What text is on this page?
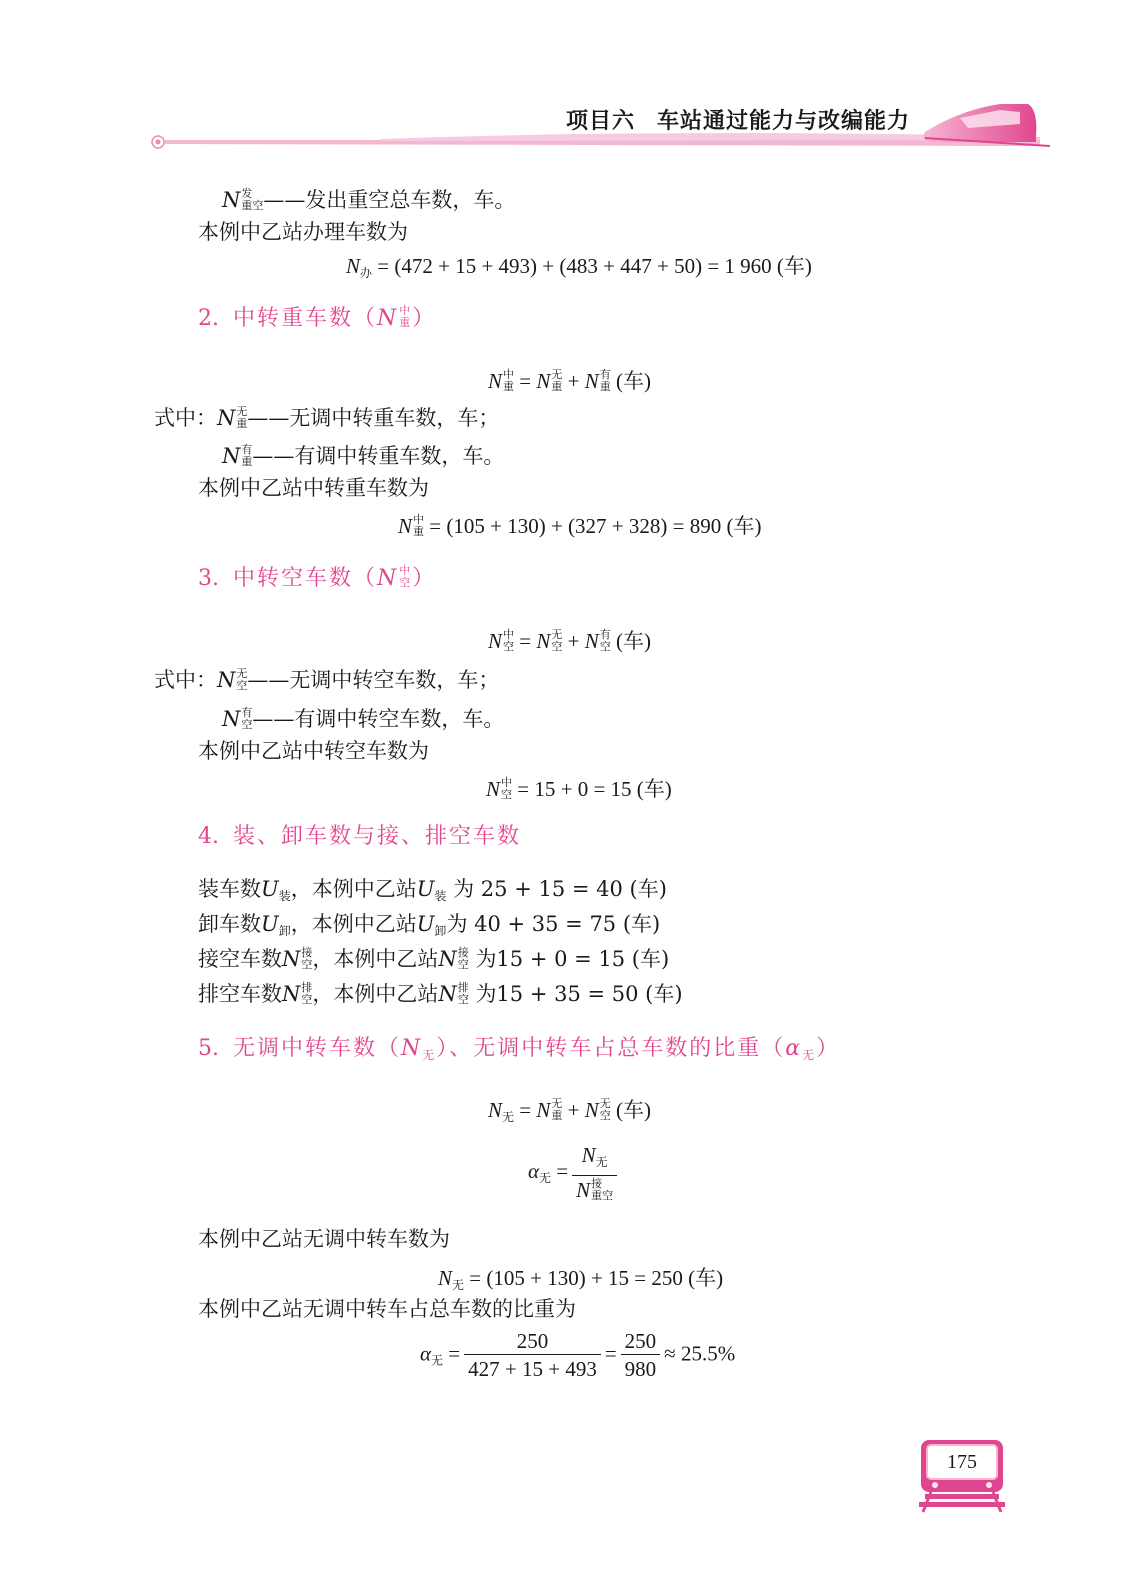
项目六 车站通过能力与改编能力
N 发
重空 ——发出重空总车数，车。
本例中乙站办理车数为
$N_办 = (472 + 15 + 493) + (483 + 447 + 50) = 1$ 960 (车)
2. 中转重车数（N 中
重 ）
N 中
重 = N 无
重 + N 有
重 (车)
式中：N 无
重 ——无调中转重车数，车；
N 有
重 ——有调中转重车数，车。
本例中乙站中转重车数为
N 中
重 = (105 + 130) + (327 + 328) = 890 (车)
3. 中转空车数（N 中
空 ）
N 中
空 = N 无
空 + N 有
空 (车)
式中：N 无
空 ——无调中转空车数，车；
N 有
空 ——有调中转空车数，车。
本例中乙站中转空车数为
N 中
空 = 15 + 0 = 15 (车)
4. 装、卸车数与接、排空车数
装车数$U_装$，本例中乙站$U_装$ 为 25 + 15 = 40 (车)
卸车数$U_卸$，本例中乙站$U_卸$为 40 + 35 = 75 (车)
接空车数N 接
空 ，本例中乙站N 接
空 为15 + 0 = 15 (车)
排空车数N 排
空 ，本例中乙站N 排
空 为15 + 35 = 50 (车)
5. 无调中转车数$(N_无)$、无调中转车占总车数的比重$(\alpha_无)$
$N_无 = N$ 无
重 + N 无
空 (车)
$\alpha_无 = N_无$
N 接
重空
本例中乙站无调中转车数为
$N_无 = (105 + 130) + 15 = 250$ (车)
本例中乙站无调中转车占总车数的比重为
$\alpha_无 = \frac{250}{427 + 15 + 493} = \frac{250}{980} \approx 25.5\%$
175
